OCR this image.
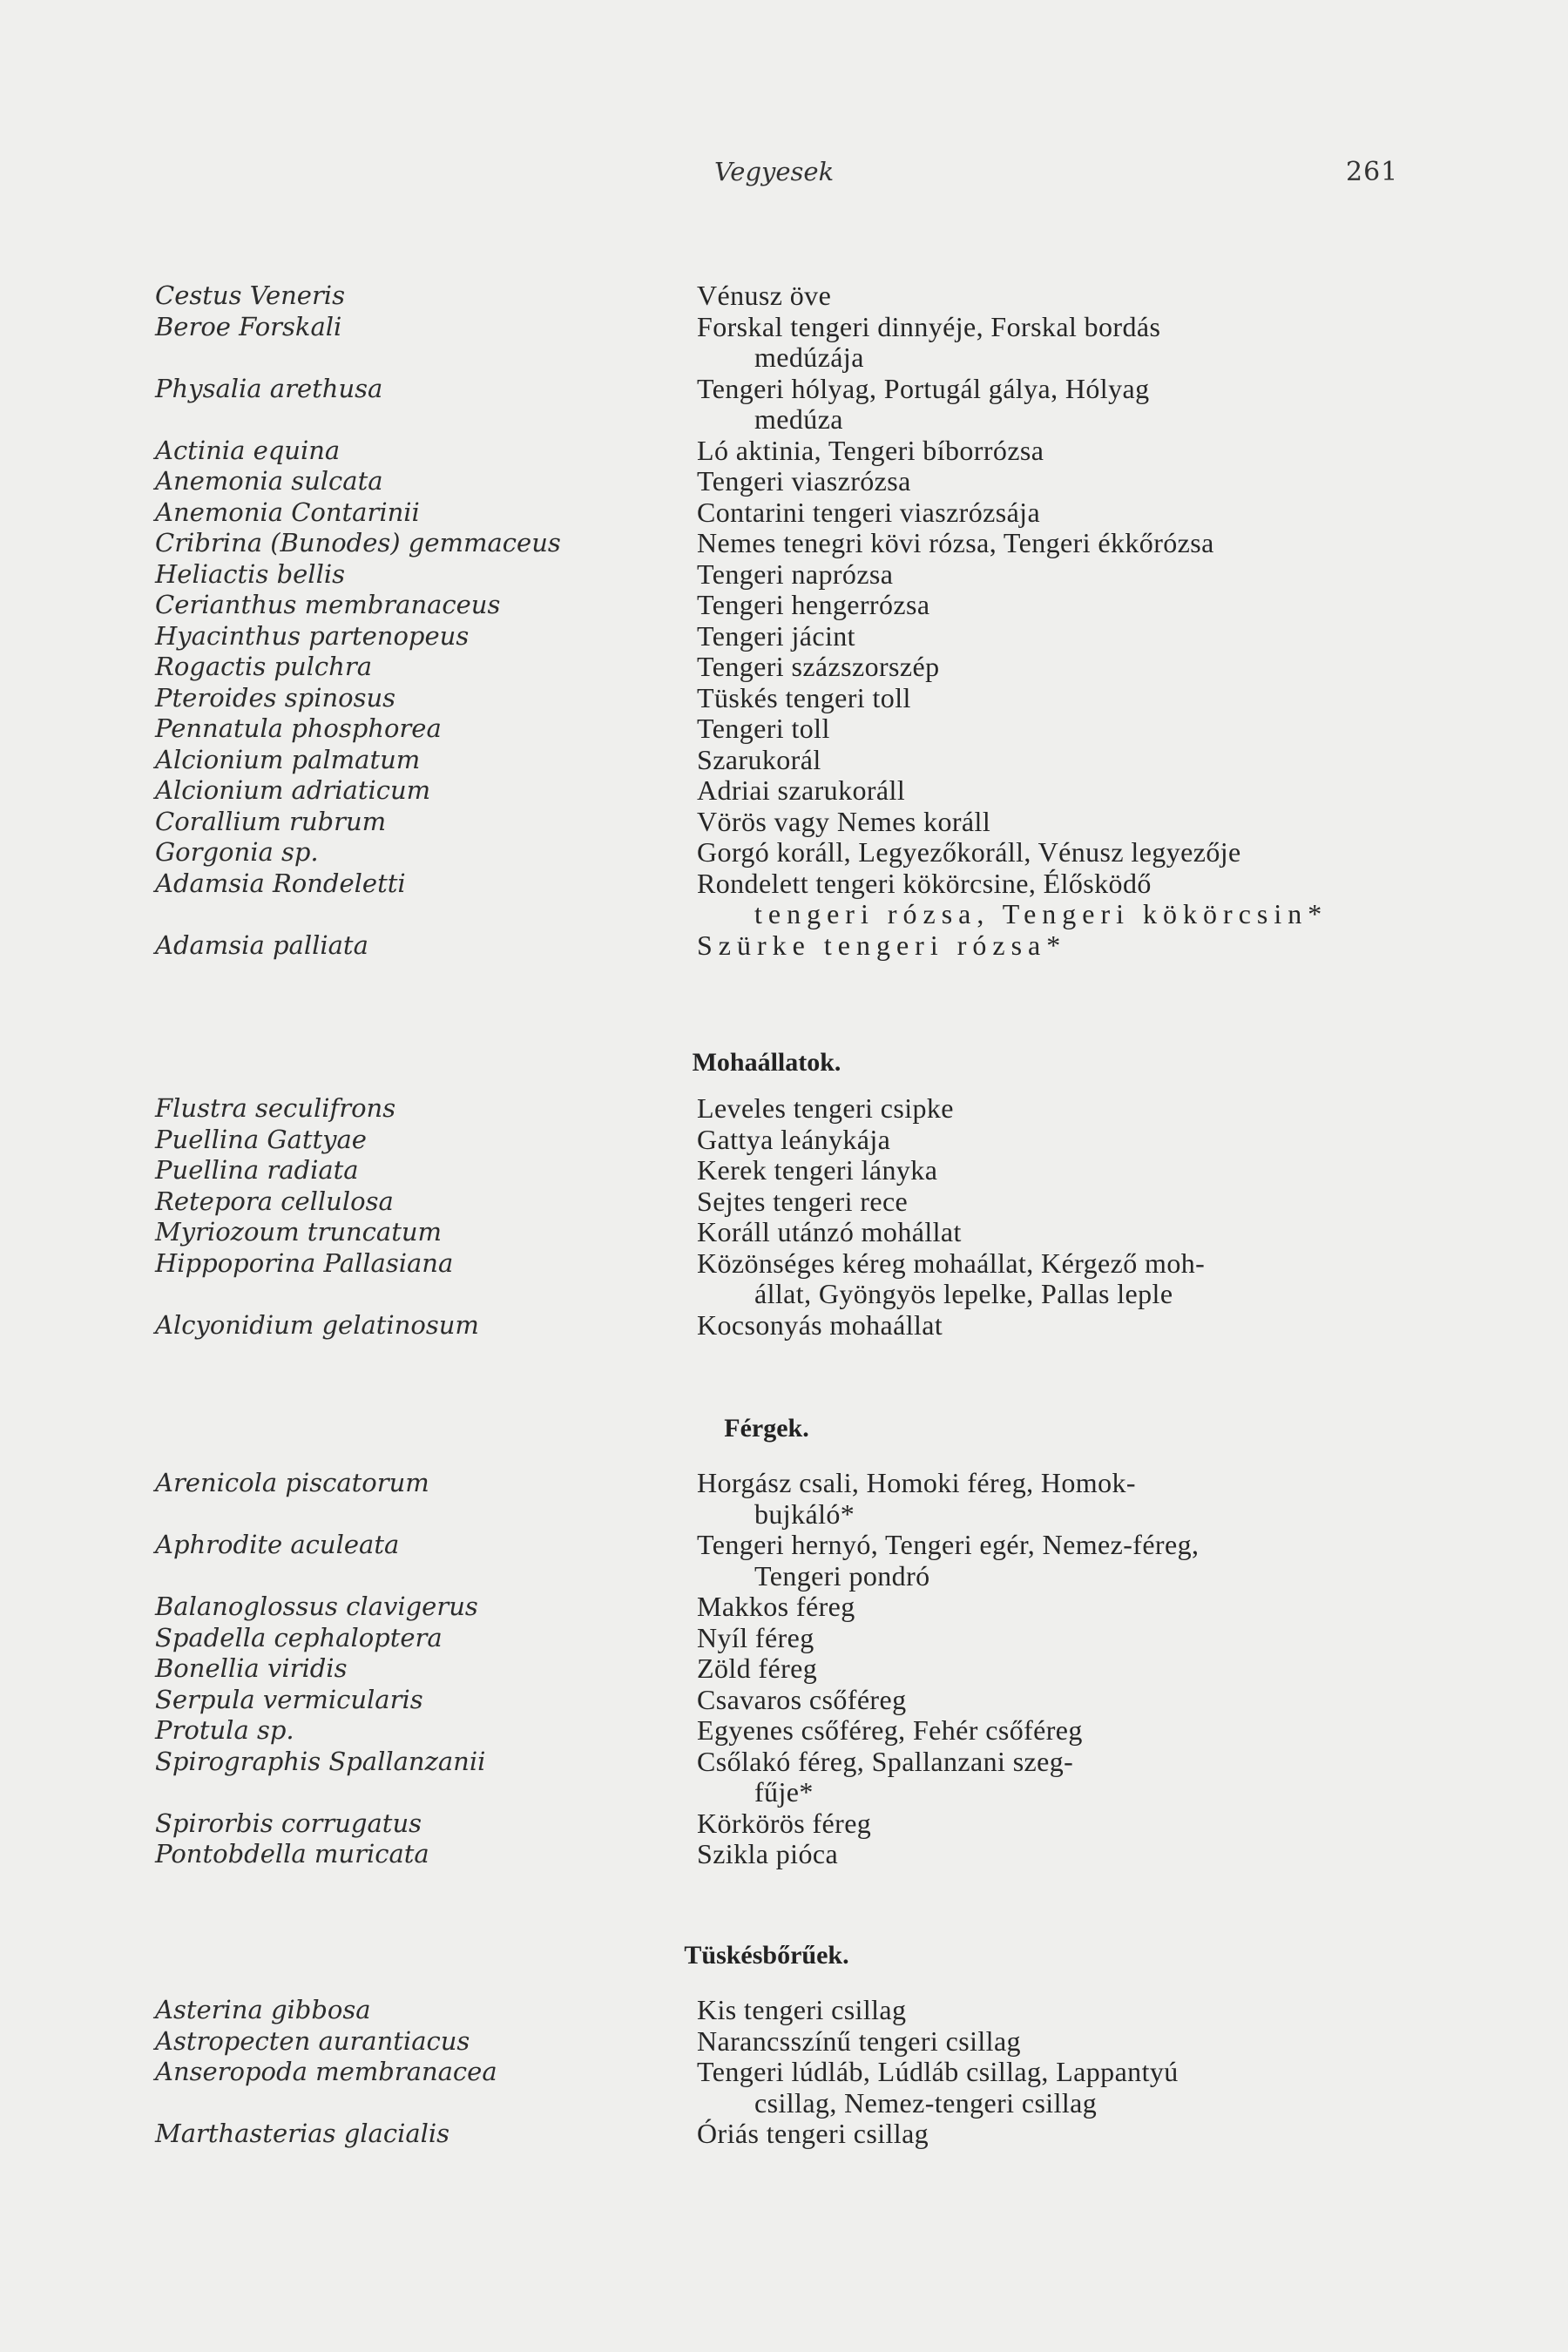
Vegyesek	261
Cestus Veneris	Vénusz öve
Beroe Forskali	Forskal tengeri dinnyéje, Forskal bordás
medúzája
Physalia arethusa	Tengeri hólyag, Portugál gálya, Hólyag
medúza
Actinia equina	Ló aktinia, Tengeri bíborrózsa
Anemonia sulcata	Tengeri viaszrózsa
Anemonia Contarinii	Contarini tengeri viaszrózsája
Cribrina (Bunodes) gemmaceus	Nemes tenegri kövi rózsa, Tengeri ékkőrózsa
Heliactis bellis	Tengeri naprózsa
Cerianthus membranaceus	Tengeri hengerrózsa
Hyacinthus partenopeus	Tengeri jácint
Rogactis pulchra	Tengeri százszorszép
Pteroides spinosus	Tüskés tengeri toll
Pennatula phosphorea	Tengeri toll
Alcionium palmatum	Szarukorál
Alcionium adriaticum	Adriai szarukoráll
Corallium rubrum	Vörös vagy Nemes koráll
Gorgonia sp.	Gorgó koráll, Legyezőkoráll, Vénusz legyezője
Adamsia Rondeletti	Rondelett tengeri kökörcsine, Élősködő
tengeri rózsa, Tengeri kökörcsin*
Adamsia palliata	Szürke tengeri rózsa*
Mohaállatok.
Flustra seculifrons	Leveles tengeri csipke
Puellina Gattyae	Gattya leánykája
Puellina radiata	Kerek tengeri lányka
Retepora cellulosa	Sejtes tengeri rece
Myriozoum truncatum	Koráll utánzó mohállat
Hippoporina Pallasiana	Közönséges kéreg mohaállat, Kérgező moh-
állat, Gyöngyös lepelke, Pallas leple
Alcyonidium gelatinosum	Kocsonyás mohaállat
Férgek.
Arenicola piscatorum	Horgász csali, Homoki féreg, Homok-
bujkáló*
Aphrodite aculeata	Tengeri hernyó, Tengeri egér, Nemez-féreg,
Tengeri pondró
Balanoglossus clavigerus	Makkos féreg
Spadella cephaloptera	Nyíl féreg
Bonellia viridis	Zöld féreg
Serpula vermicularis	Csavaros csőféreg
Protula sp.	Egyenes csőféreg, Fehér csőféreg
Spirographis Spallanzanii	Csőlakó féreg, Spallanzani szeg-
fűje*
Spirorbis corrugatus	Körkörös féreg
Pontobdella muricata	Szikla pióca
Tüskésbőrűek.
Asterina gibbosa	Kis tengeri csillag
Astropecten aurantiacus	Narancsszínű tengeri csillag
Anseropoda membranacea	Tengeri lúdláb, Lúdláb csillag, Lappantyú
csillag, Nemez-tengeri csillag
Marthasterias glacialis	Óriás tengeri csillag
